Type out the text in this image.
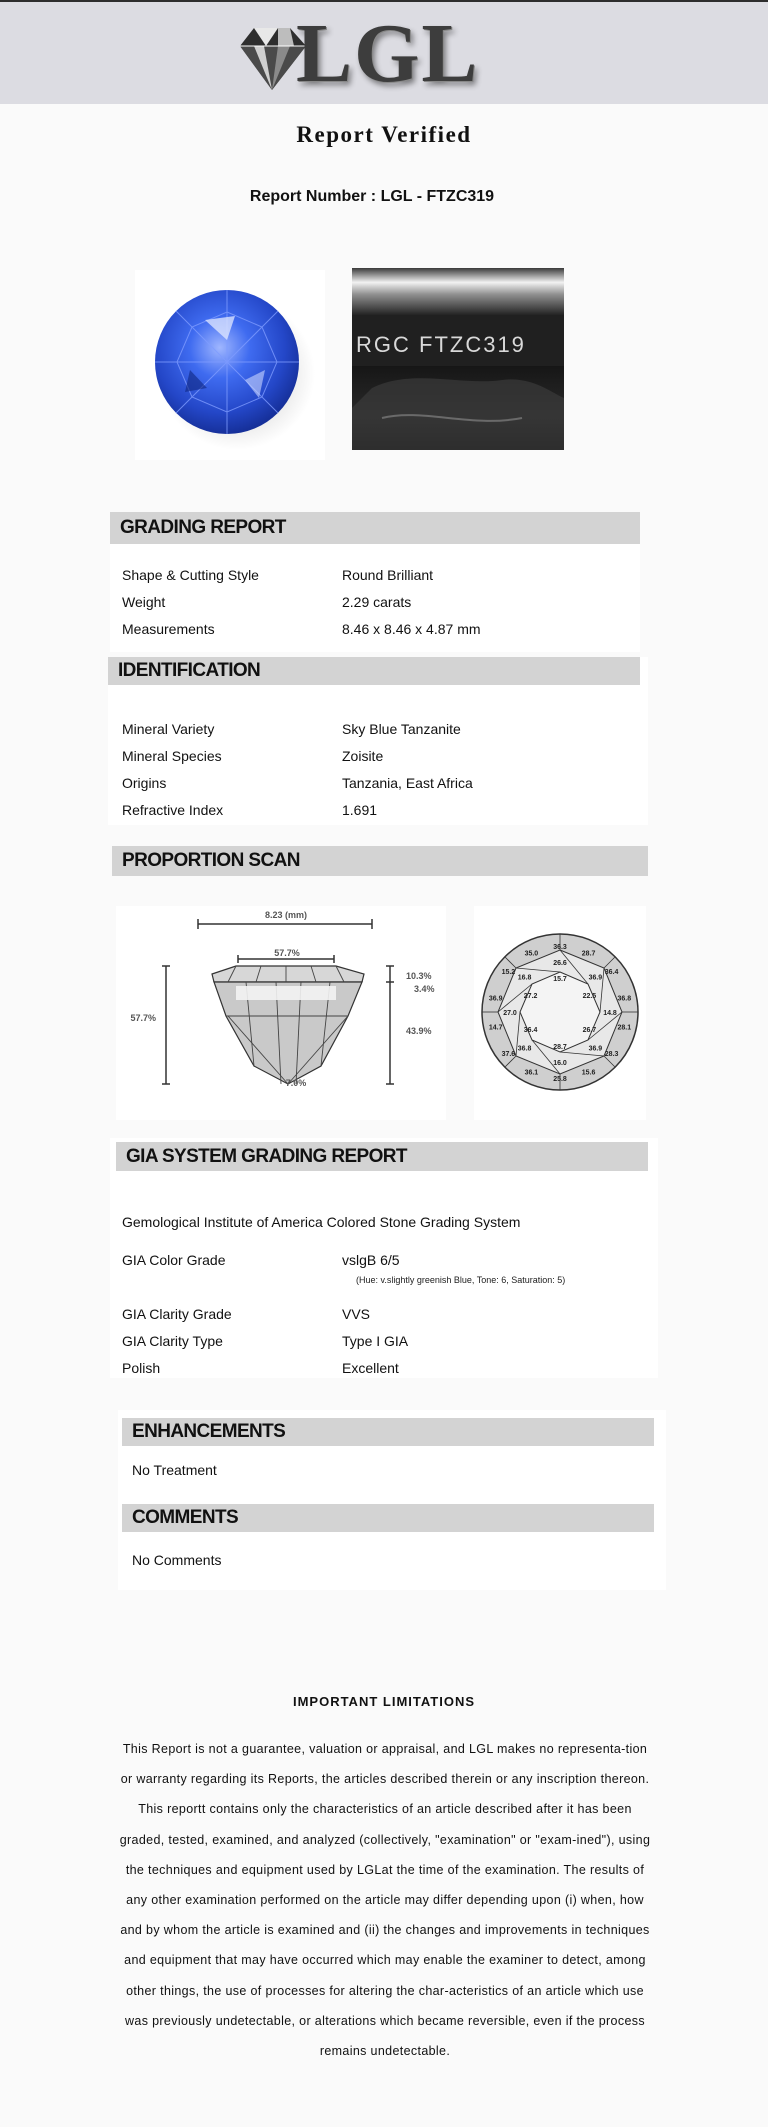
LGL
Report Verified
Report Number : LGL - FTZC319
RGC FTZC319
GRADING REPORT
Shape & Cutting Style	Round Brilliant
Weight	2.29 carats
Measurements	8.46 x 8.46 x 4.87 mm
IDENTIFICATION
Mineral Variety	Sky Blue Tanzanite
Mineral Species	Zoisite
Origins	Tanzania, East Africa
Refractive Index	1.691
PROPORTION SCAN
8.23 (mm)
57.7%
57.7%
10.3%
3.4%
43.9%
7.0%
36.3
28.7
36.4
36.8
28.1
28.3
15.6
25.8
36.1
37.6
14.7
36.9
15.2
35.0
26.6
36.9
14.8
36.9
16.0
36.8
27.0
16.8	15.7
22.5
26.7
28.7
36.4
27.2
GIA SYSTEM GRADING REPORT
Gemological Institute of America Colored Stone Grading System
GIA Color Grade	vslgB 6/5
(Hue: v.slightly greenish Blue, Tone: 6, Saturation: 5)
GIA Clarity Grade	VVS
GIA Clarity Type	Type I GIA
Polish	Excellent
ENHANCEMENTS
No Treatment
COMMENTS
No Comments
IMPORTANT LIMITATIONS
This Report is not a guarantee, valuation or appraisal, and LGL makes no representa-tion or warranty regarding its Reports, the articles described therein or any inscription thereon. This reportt contains only the characteristics of an article described after it has been graded, tested, examined, and analyzed (collectively, "examination" or "exam-ined"), using the techniques and equipment used by LGLat the time of the examination. The results of any other examination performed on the article may differ depending upon (i) when, how and by whom the article is examined and (ii) the changes and improvements in techniques and equipment that may have occurred which may enable the examiner to detect, among other things, the use of processes for altering the char-acteristics of an article which use was previously undetectable, or alterations which became reversible, even if the process remains undetectable.
